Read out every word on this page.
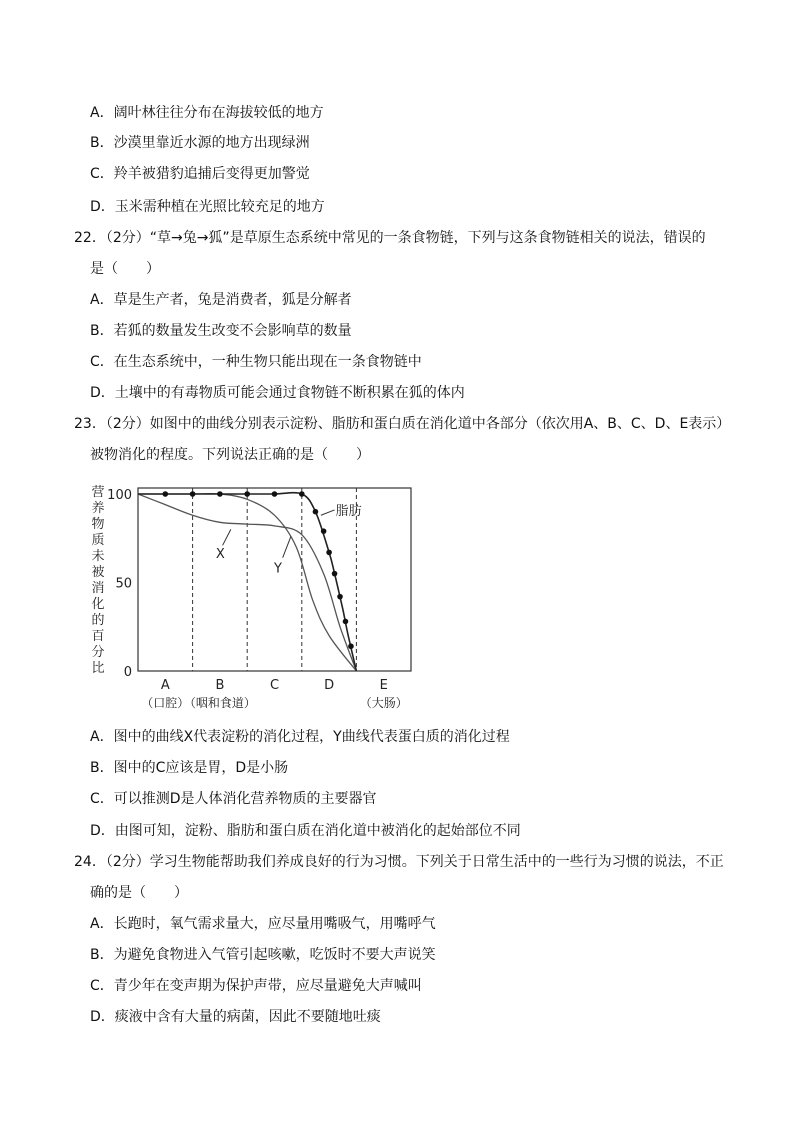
A．阔叶林往往分布在海拔较低的地方
B．沙漠里靠近水源的地方出现绿洲
C．羚羊被猎豹追捕后变得更加警觉
D．玉米需种植在光照比较充足的地方
22．（2分）“草→兔→狐”是草原生态系统中常见的一条食物链，下列与这条食物链相关的说法，错误的
是（　　）
A．草是生产者，兔是消费者，狐是分解者
B．若狐的数量发生改变不会影响草的数量
C．在生态系统中，一种生物只能出现在一条食物链中
D．土壤中的有毒物质可能会通过食物链不断积累在狐的体内
23．（2分）如图中的曲线分别表示淀粉、脂肪和蛋白质在消化道中各部分（依次用A、B、C、D、E表示）
被物消化的程度。下列说法正确的是（　　）
营
养
物
质
未
被
消
化
的
百
分
比
100
50
0
X
Y
脂肪
A
（口腔）
B
（咽和食道）
C	D	E
（大肠）
A．图中的曲线X代表淀粉的消化过程，Y曲线代表蛋白质的消化过程
B．图中的C应该是胃，D是小肠
C．可以推测D是人体消化营养物质的主要器官
D．由图可知，淀粉、脂肪和蛋白质在消化道中被消化的起始部位不同
24．（2分）学习生物能帮助我们养成良好的行为习惯。下列关于日常生活中的一些行为习惯的说法，不正
确的是（　　）
A．长跑时，氧气需求量大，应尽量用嘴吸气，用嘴呼气
B．为避免食物进入气管引起咳嗽，吃饭时不要大声说笑
C．青少年在变声期为保护声带，应尽量避免大声喊叫
D．痰液中含有大量的病菌，因此不要随地吐痰
